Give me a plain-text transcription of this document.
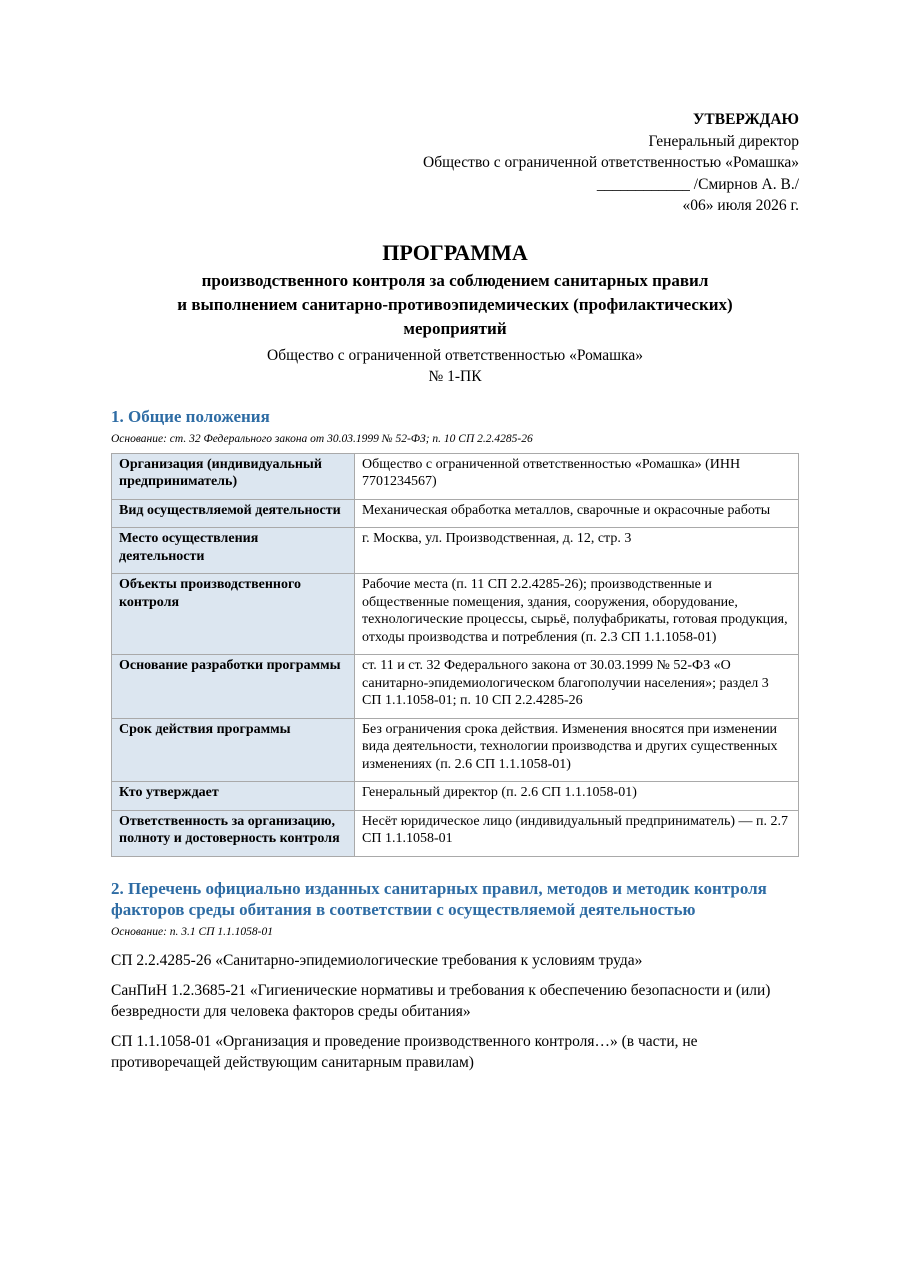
УТВЕРЖДАЮ
Генеральный директор
Общество с ограниченной ответственностью «Ромашка»
____________ /Смирнов А. В./
«06» июля 2026 г.
ПРОГРАММА
производственного контроля за соблюдением санитарных правил
и выполнением санитарно-противоэпидемических (профилактических)
мероприятий
Общество с ограниченной ответственностью «Ромашка»
№ 1-ПК
1. Общие положения
Основание: ст. 32 Федерального закона от 30.03.1999 № 52-ФЗ; п. 10 СП 2.2.4285-26
Организация (индивидуальный предприниматель)	Общество с ограниченной ответственностью «Ромашка» (ИНН 7701234567)
Вид осуществляемой деятельности	Механическая обработка металлов, сварочные и окрасочные работы
Место осуществления деятельности	г. Москва, ул. Производственная, д. 12, стр. 3
Объекты производственного контроля	Рабочие места (п. 11 СП 2.2.4285-26); производственные и общественные помещения, здания, сооружения, оборудование, технологические процессы, сырьё, полуфабрикаты, готовая продукция, отходы производства и потребления (п. 2.3 СП 1.1.1058-01)
Основание разработки программы	ст. 11 и ст. 32 Федерального закона от 30.03.1999 № 52-ФЗ «О санитарно-эпидемиологическом благополучии населения»; раздел 3 СП 1.1.1058-01; п. 10 СП 2.2.4285-26
Срок действия программы	Без ограничения срока действия. Изменения вносятся при изменении вида деятельности, технологии производства и других существенных изменениях (п. 2.6 СП 1.1.1058-01)
Кто утверждает	Генеральный директор (п. 2.6 СП 1.1.1058-01)
Ответственность за организацию, полноту и достоверность контроля	Несёт юридическое лицо (индивидуальный предприниматель) — п. 2.7 СП 1.1.1058-01
2. Перечень официально изданных санитарных правил, методов и методик контроля факторов среды обитания в соответствии с осуществляемой деятельностью
Основание: п. 3.1 СП 1.1.1058-01

СП 2.2.4285-26 «Санитарно-эпидемиологические требования к условиям труда»

СанПиН 1.2.3685-21 «Гигиенические нормативы и требования к обеспечению безопасности и (или) безвредности для человека факторов среды обитания»

СП 1.1.1058-01 «Организация и проведение производственного контроля…» (в части, не противоречащей действующим санитарным правилам)
